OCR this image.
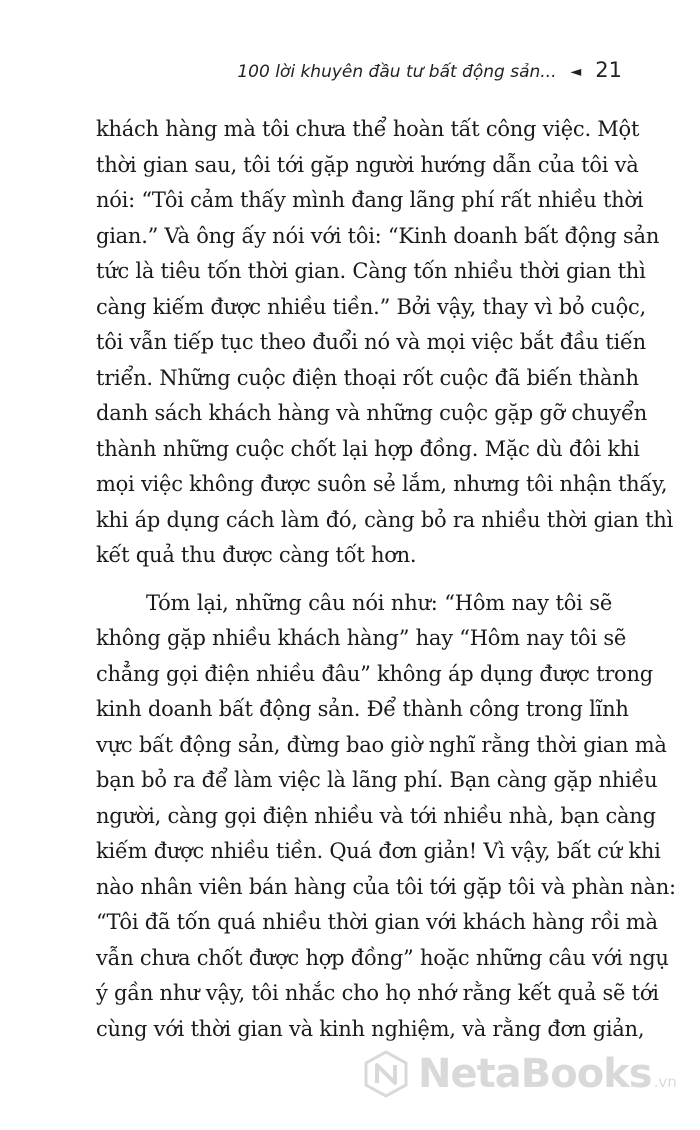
100 lời khuyên đầu tư bất động sản... ◄ 21
khách hàng mà tôi chưa thể hoàn tất công việc. Một
thời gian sau, tôi tới gặp người hướng dẫn của tôi và
nói: “Tôi cảm thấy mình đang lãng phí rất nhiều thời
gian.” Và ông ấy nói với tôi: “Kinh doanh bất động sản
tức là tiêu tốn thời gian. Càng tốn nhiều thời gian thì
càng kiếm được nhiều tiền.” Bởi vậy, thay vì bỏ cuộc,
tôi vẫn tiếp tục theo đuổi nó và mọi việc bắt đầu tiến
triển. Những cuộc điện thoại rốt cuộc đã biến thành
danh sách khách hàng và những cuộc gặp gỡ chuyển
thành những cuộc chốt lại hợp đồng. Mặc dù đôi khi
mọi việc không được suôn sẻ lắm, nhưng tôi nhận thấy,
khi áp dụng cách làm đó, càng bỏ ra nhiều thời gian thì
kết quả thu được càng tốt hơn.
Tóm lại, những câu nói như: “Hôm nay tôi sẽ
không gặp nhiều khách hàng” hay “Hôm nay tôi sẽ
chẳng gọi điện nhiều đâu” không áp dụng được trong
kinh doanh bất động sản. Để thành công trong lĩnh
vực bất động sản, đừng bao giờ nghĩ rằng thời gian mà
bạn bỏ ra để làm việc là lãng phí. Bạn càng gặp nhiều
người, càng gọi điện nhiều và tới nhiều nhà, bạn càng
kiếm được nhiều tiền. Quá đơn giản! Vì vậy, bất cứ khi
nào nhân viên bán hàng của tôi tới gặp tôi và phàn nàn:
“Tôi đã tốn quá nhiều thời gian với khách hàng rồi mà
vẫn chưa chốt được hợp đồng” hoặc những câu với ngụ
ý gần như vậy, tôi nhắc cho họ nhớ rằng kết quả sẽ tới
cùng với thời gian và kinh nghiệm, và rằng đơn giản,
NetaBooks .vn
